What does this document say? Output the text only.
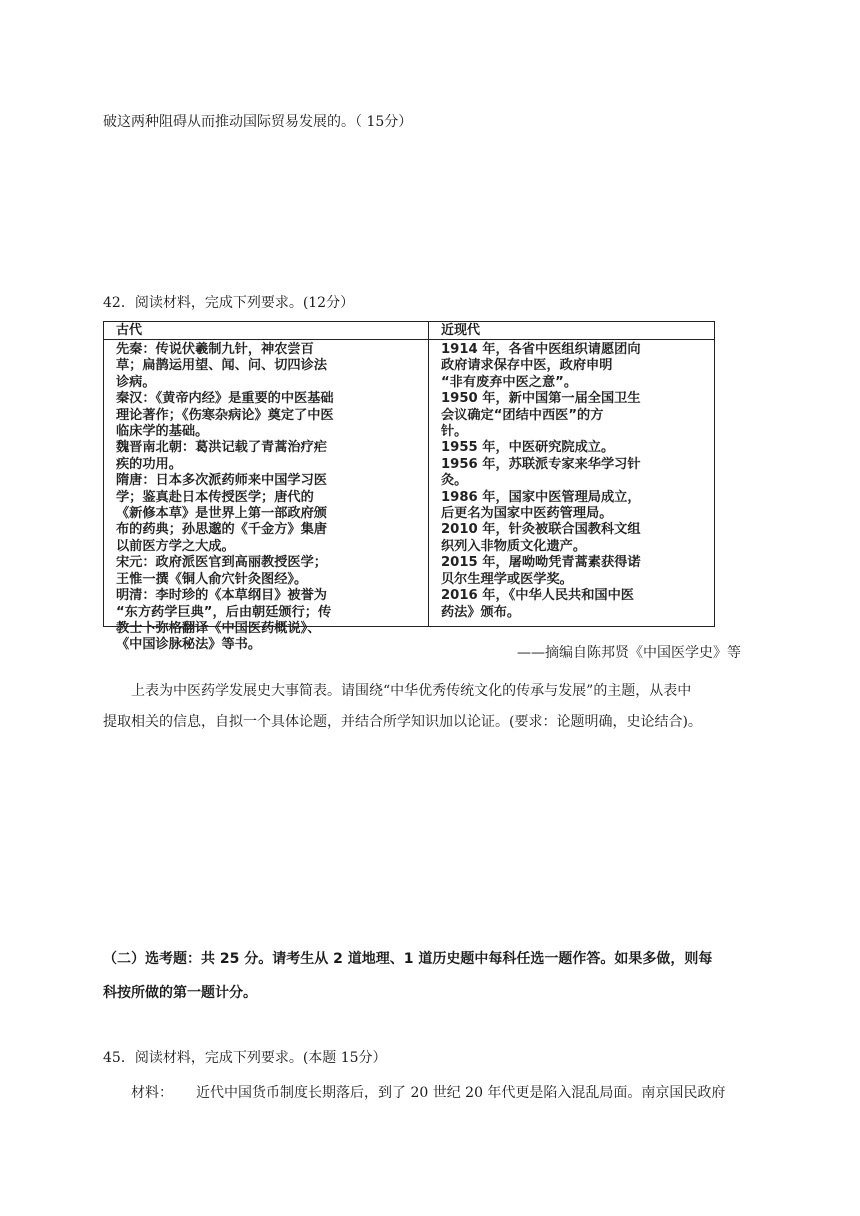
破这两种阻碍从而推动国际贸易发展的。（ 15分）
42．阅读材料，完成下列要求。(12分）
古代
先秦：传说伏羲制九针，神农尝百
草；扁鹊运用望、闻、问、切四诊法
诊病。
秦汉：《黄帝内经》是重要的中医基础
理论著作；《伤寒杂病论》奠定了中医
临床学的基础。
魏晋南北朝：葛洪记载了青蒿治疗疟
疾的功用。
隋唐：日本多次派药师来中国学习医
学；鉴真赴日本传授医学；唐代的
《新修本草》是世界上第一部政府颁
布的药典；孙思邈的《千金方》集唐
以前医方学之大成。
宋元：政府派医官到高丽教授医学；
王惟一撰《铜人俞穴针灸图经》。
明清：李时珍的《本草纲目》被誉为
“东方药学巨典”，后由朝廷颁行；传
教士卜弥格翻译《中国医药概说》、
《中国诊脉秘法》等书。
近现代
1914 年，各省中医组织请愿团向
政府请求保存中医，政府申明
“非有废弃中医之意”。
1950 年，新中国第一届全国卫生
会议确定“团结中西医”的方
针。
1955 年，中医研究院成立。
1956 年，苏联派专家来华学习针
灸。
1986 年，国家中医管理局成立，
后更名为国家中医药管理局。
2010 年，针灸被联合国教科文组
织列入非物质文化遗产。
2015 年，屠呦呦凭青蒿素获得诺
贝尔生理学或医学奖。
2016 年，《中华人民共和国中医
药法》颁布。
——摘编自陈邦贤《中国医学史》等
上表为中医药学发展史大事简表。请围绕“中华优秀传统文化的传承与发展”的主题，从表中
提取相关的信息，自拟一个具体论题，并结合所学知识加以论证。(要求：论题明确，史论结合)。
（二）选考题：共 25 分。请考生从 2 道地理、1 道历史题中每科任选一题作答。如果多做，则每
科按所做的第一题计分。
45．阅读材料，完成下列要求。(本题 15分）
材料： 近代中国货币制度长期落后，到了 20 世纪 20 年代更是陷入混乱局面。南京国民政府
